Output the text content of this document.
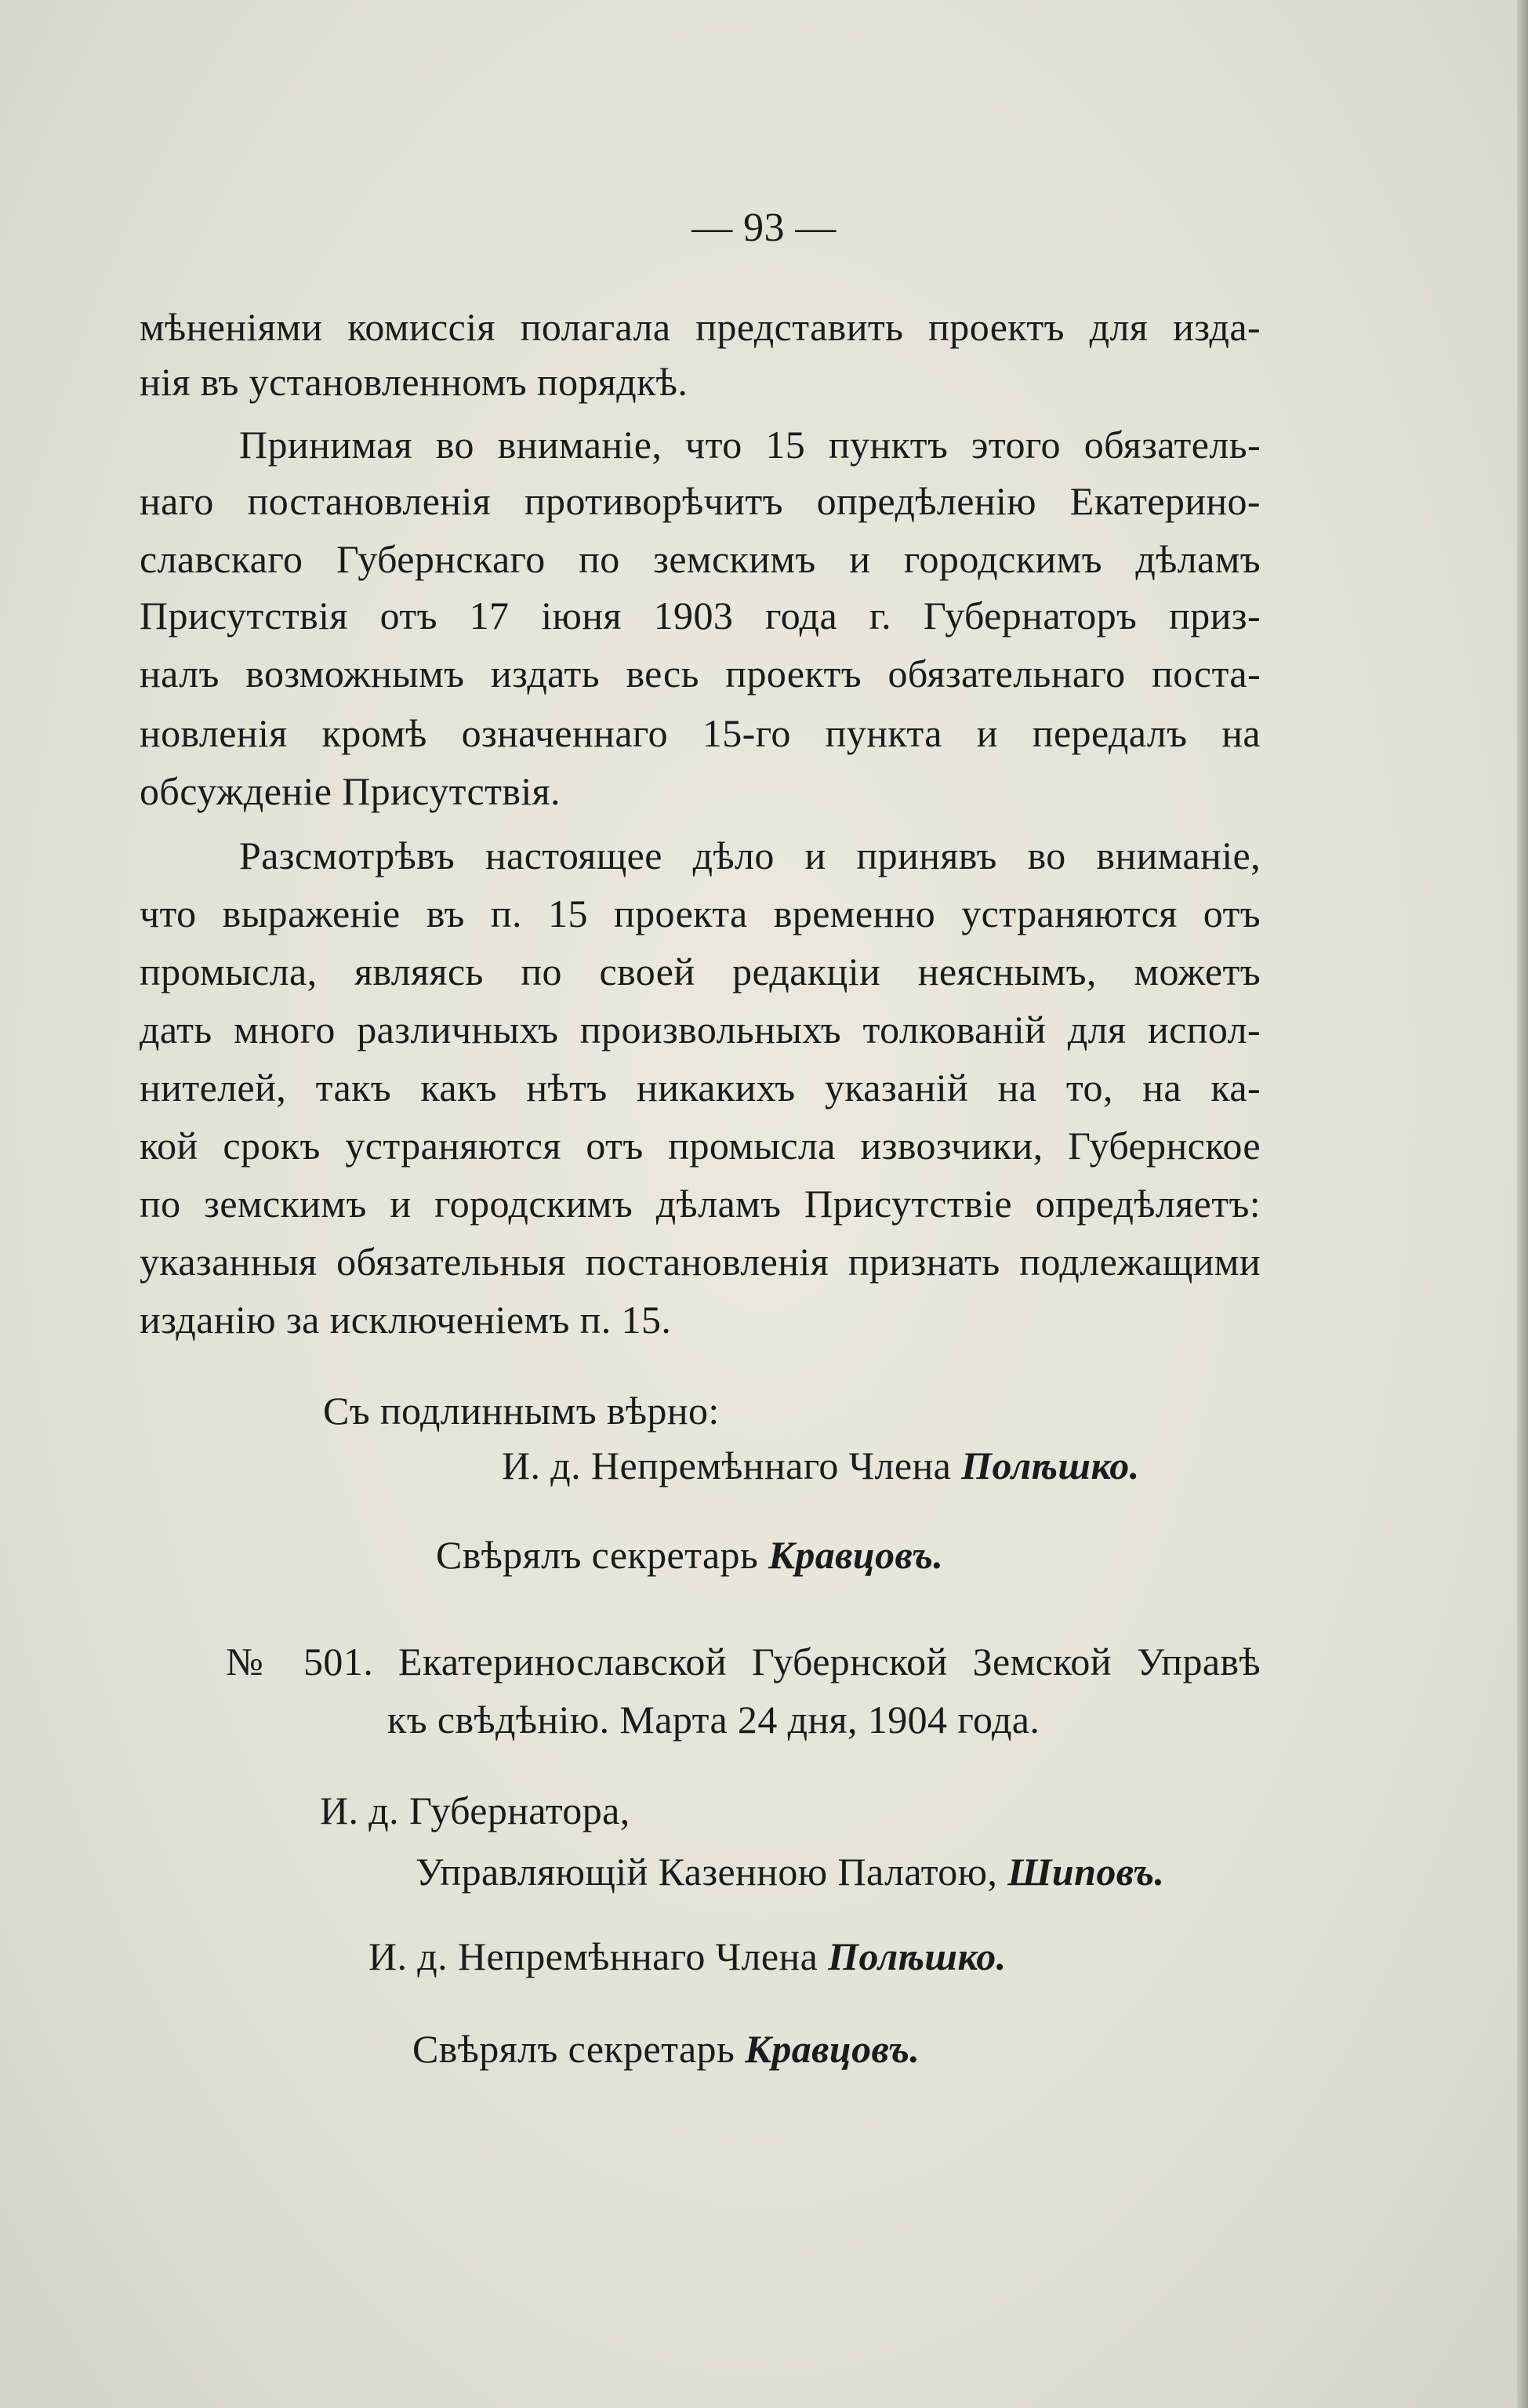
— 93 —
мѣненіями комиссія полагала представить проектъ для изда-
нія въ установленномъ порядкѣ.
Принимая во вниманіе, что 15 пунктъ этого обязатель-
наго постановленія противорѣчитъ опредѣленію Екатерино-
славскаго Губернскаго по земскимъ и городскимъ дѣламъ
Присутствія отъ 17 іюня 1903 года г. Губернаторъ приз-
налъ возможнымъ издать весь проектъ обязательнаго поста-
новленія кромѣ означеннаго 15-го пункта и передалъ на
обсужденіе Присутствія.
Разсмотрѣвъ настоящее дѣло и принявъ во вниманіе,
что выраженіе въ п. 15 проекта временно устраняются отъ
промысла, являясь по своей редакціи неяснымъ, можетъ
дать много различныхъ произвольныхъ толкованій для испол-
нителей, такъ какъ нѣтъ никакихъ указаній на то, на ка-
кой срокъ устраняются отъ промысла извозчики, Губернское
по земскимъ и городскимъ дѣламъ Присутствіе опредѣляетъ:
указанныя обязательныя постановленія признать подлежащими
изданію за исключеніемъ п. 15.
Съ подлиннымъ вѣрно:
И. д. Непремѣннаго Члена Полѣшко.
Свѣрялъ секретарь Кравцовъ.
№ 501. Екатеринославской Губернской Земской Управѣ
къ свѣдѣнію. Марта 24 дня, 1904 года.
И. д. Губернатора,
Управляющій Казенною Палатою, Шиповъ.
И. д. Непремѣннаго Члена Полѣшко.
Свѣрялъ секретарь Кравцовъ.
